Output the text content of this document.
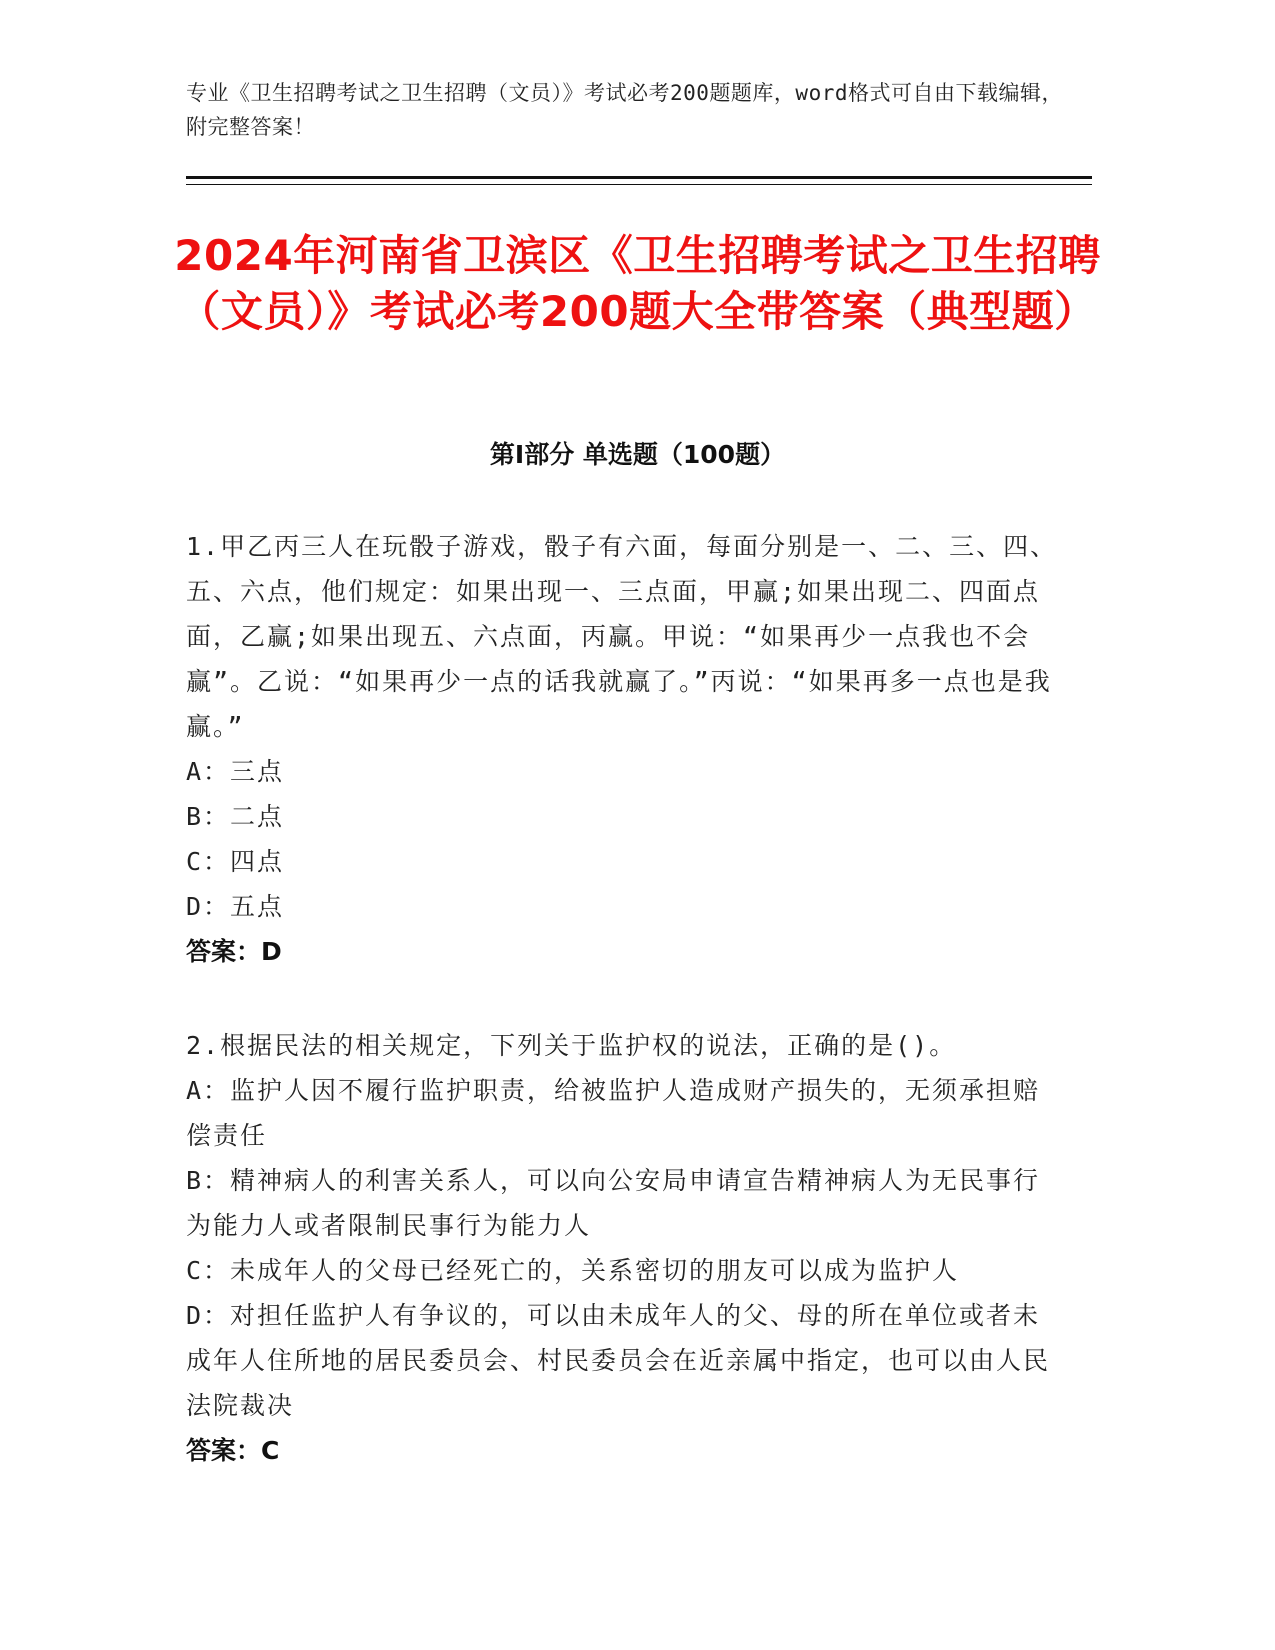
专业《卫生招聘考试之卫生招聘（文员）》考试必考200题题库，word格式可自由下载编辑，附完整答案！
2024年河南省卫滨区《卫生招聘考试之卫生招聘（文员）》考试必考200题大全带答案（典型题）
第Ⅰ部分 单选题（100题）

1.甲乙丙三人在玩骰子游戏，骰子有六面，每面分别是一、二、三、四、五、六点，他们规定：如果出现一、三点面，甲赢;如果出现二、四面点面，乙赢;如果出现五、六点面，丙赢。甲说：“如果再少一点我也不会赢”。乙说：“如果再少一点的话我就赢了。”丙说：“如果再多一点也是我赢。”

A：三点

B：二点

C：四点

D：五点

答案：D

2.根据民法的相关规定，下列关于监护权的说法，正确的是()。

A：监护人因不履行监护职责，给被监护人造成财产损失的，无须承担赔偿责任

B：精神病人的利害关系人，可以向公安局申请宣告精神病人为无民事行为能力人或者限制民事行为能力人

C：未成年人的父母已经死亡的，关系密切的朋友可以成为监护人

D：对担任监护人有争议的，可以由未成年人的父、母的所在单位或者未成年人住所地的居民委员会、村民委员会在近亲属中指定，也可以由人民法院裁决

答案：C
